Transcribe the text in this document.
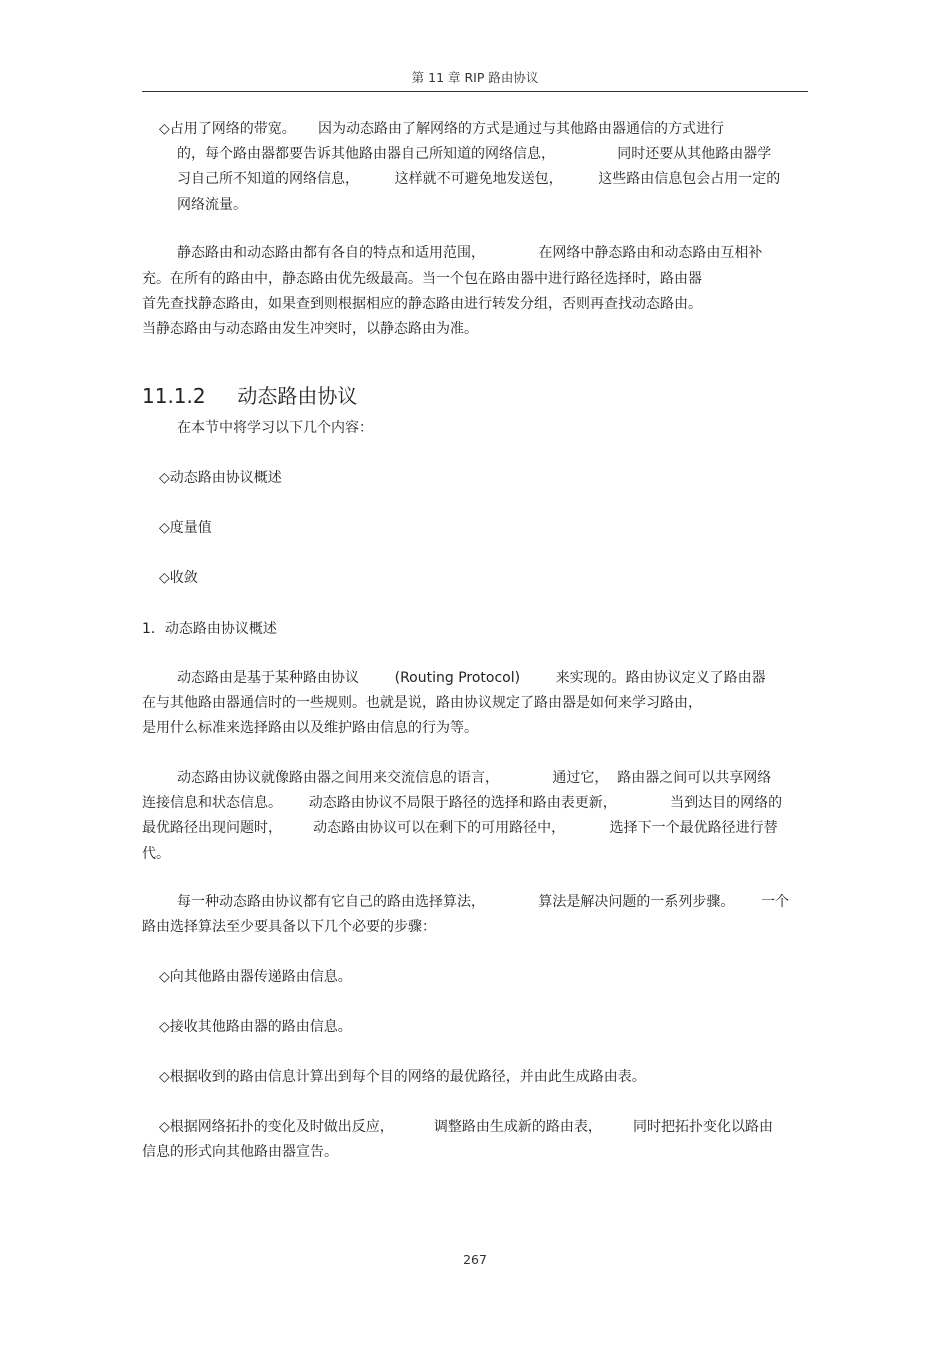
第 11 章 RIP 路由协议
◇占用了网络的带宽。     因为动态路由了解网络的方式是通过与其他路由器通信的方式进行
的，每个路由器都要告诉其他路由器自己所知道的网络信息，              同时还要从其他路由器学
习自己所不知道的网络信息，        这样就不可避免地发送包，        这些路由信息包会占用一定的
网络流量。
静态路由和动态路由都有各自的特点和适用范围，            在网络中静态路由和动态路由互相补
充。在所有的路由中，静态路由优先级最高。当一个包在路由器中进行路径选择时，路由器
首先查找静态路由，如果查到则根据相应的静态路由进行转发分组，否则再查找动态路由。
当静态路由与动态路由发生冲突时，以静态路由为准。
11.1.2     动态路由协议
在本节中将学习以下几个内容：
◇动态路由协议概述
◇度量值
◇收敛
1．动态路由协议概述
动态路由是基于某种路由协议        (Routing Protocol)        来实现的。路由协议定义了路由器
在与其他路由器通信时的一些规则。也就是说，路由协议规定了路由器是如何来学习路由，
是用什么标准来选择路由以及维护路由信息的行为等。
动态路由协议就像路由器之间用来交流信息的语言，            通过它，  路由器之间可以共享网络
连接信息和状态信息。      动态路由协议不局限于路径的选择和路由表更新，            当到达目的网络的
最优路径出现问题时，       动态路由协议可以在剩下的可用路径中，          选择下一个最优路径进行替
代。
每一种动态路由协议都有它自己的路由选择算法，            算法是解决问题的一系列步骤。      一个
路由选择算法至少要具备以下几个必要的步骤：
◇向其他路由器传递路由信息。
◇接收其他路由器的路由信息。
◇根据收到的路由信息计算出到每个目的网络的最优路径，并由此生成路由表。
◇根据网络拓扑的变化及时做出反应，         调整路由生成新的路由表，       同时把拓扑变化以路由
信息的形式向其他路由器宣告。
267
